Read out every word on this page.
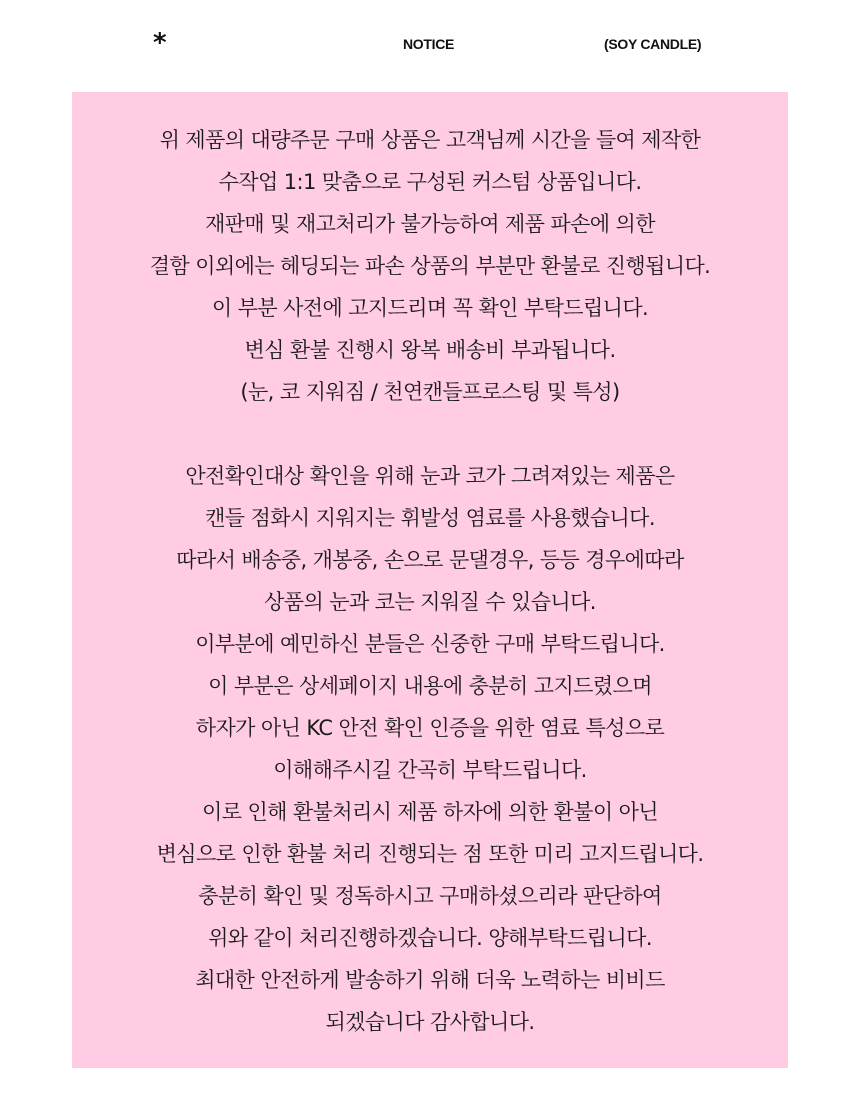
*	NOTICE	(SOY CANDLE)
위 제품의 대량주문 구매 상품은 고객님께 시간을 들여 제작한
수작업 1:1 맞춤으로 구성된 커스텀 상품입니다.
재판매 및 재고처리가 불가능하여 제품 파손에 의한
결함 이외에는 헤딩되는 파손 상품의 부분만 환불로 진행됩니다.
이 부분 사전에 고지드리며 꼭 확인 부탁드립니다.
변심 환불 진행시 왕복 배송비 부과됩니다.
(눈, 코 지워짐 / 천연캔들프로스팅 및 특성)
안전확인대상 확인을 위해 눈과 코가 그려져있는 제품은
캔들 점화시 지워지는 휘발성 염료를 사용했습니다.
따라서 배송중, 개봉중, 손으로 문댈경우, 등등 경우에따라
상품의 눈과 코는 지워질 수 있습니다.
이부분에 예민하신 분들은 신중한 구매 부탁드립니다.
이 부분은 상세페이지 내용에 충분히 고지드렸으며
하자가 아닌 KC 안전 확인 인증을 위한 염료 특성으로
이해해주시길 간곡히 부탁드립니다.
이로 인해 환불처리시 제품 하자에 의한 환불이 아닌
변심으로 인한 환불 처리 진행되는 점 또한 미리 고지드립니다.
충분히 확인 및 정독하시고 구매하셨으리라 판단하여
위와 같이 처리진행하겠습니다. 양해부탁드립니다.
최대한 안전하게 발송하기 위해 더욱 노력하는 비비드
되겠습니다 감사합니다.
